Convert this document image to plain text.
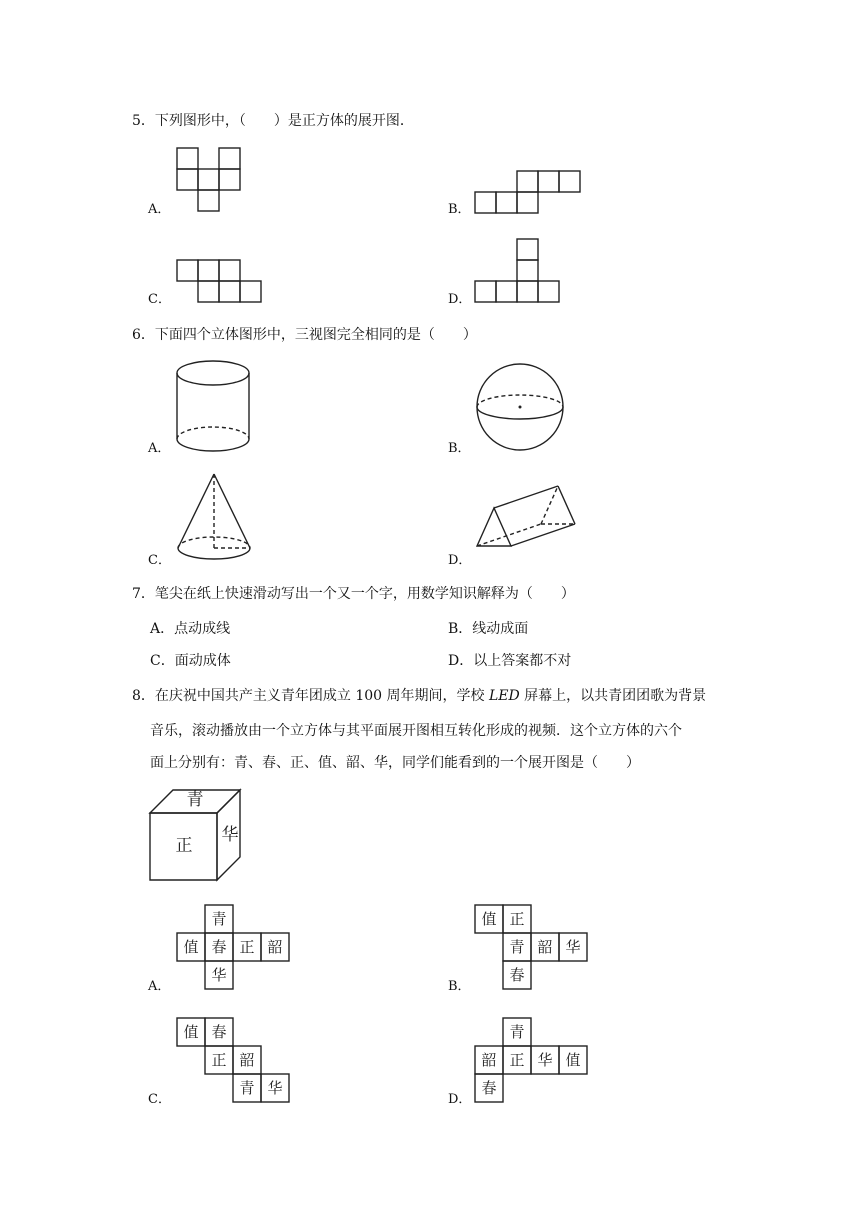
5．下列图形中，（　　）是正方体的展开图．
A．	B．
C．	D．
6．下面四个立体图形中，三视图完全相同的是（　　）
A．	B．
C．	D．
7．笔尖在纸上快速滑动写出一个又一个字，用数学知识解释为（　　）
A．点动成线	B．线动成面
C．面动成体	D．以上答案都不对
8．在庆祝中国共产主义青年团成立 100 周年期间，学校 LED 屏幕上，以共青团团歌为背景
音乐，滚动播放由一个立方体与其平面展开图相互转化形成的视频．这个立方体的六个
面上分别有：青、春、正、值、韶、华，同学们能看到的一个展开图是（　　）
青
正
华
A．
青
值 春 正 韶
华
B．
值 正
青 韶 华
春
C．
值 春
正 韶
青 华
D．
青
韶 正 华 值
春
